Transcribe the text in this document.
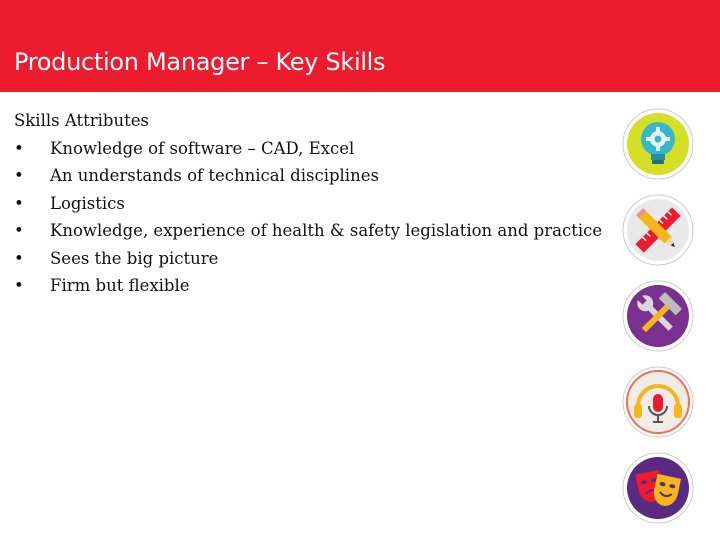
Production Manager – Key Skills
Skills Attributes
• Knowledge of software – CAD, Excel
• An understands of technical disciplines
• Logistics
• Knowledge, experience of health & safety legislation and practice
• Sees the big picture
• Firm but flexible
